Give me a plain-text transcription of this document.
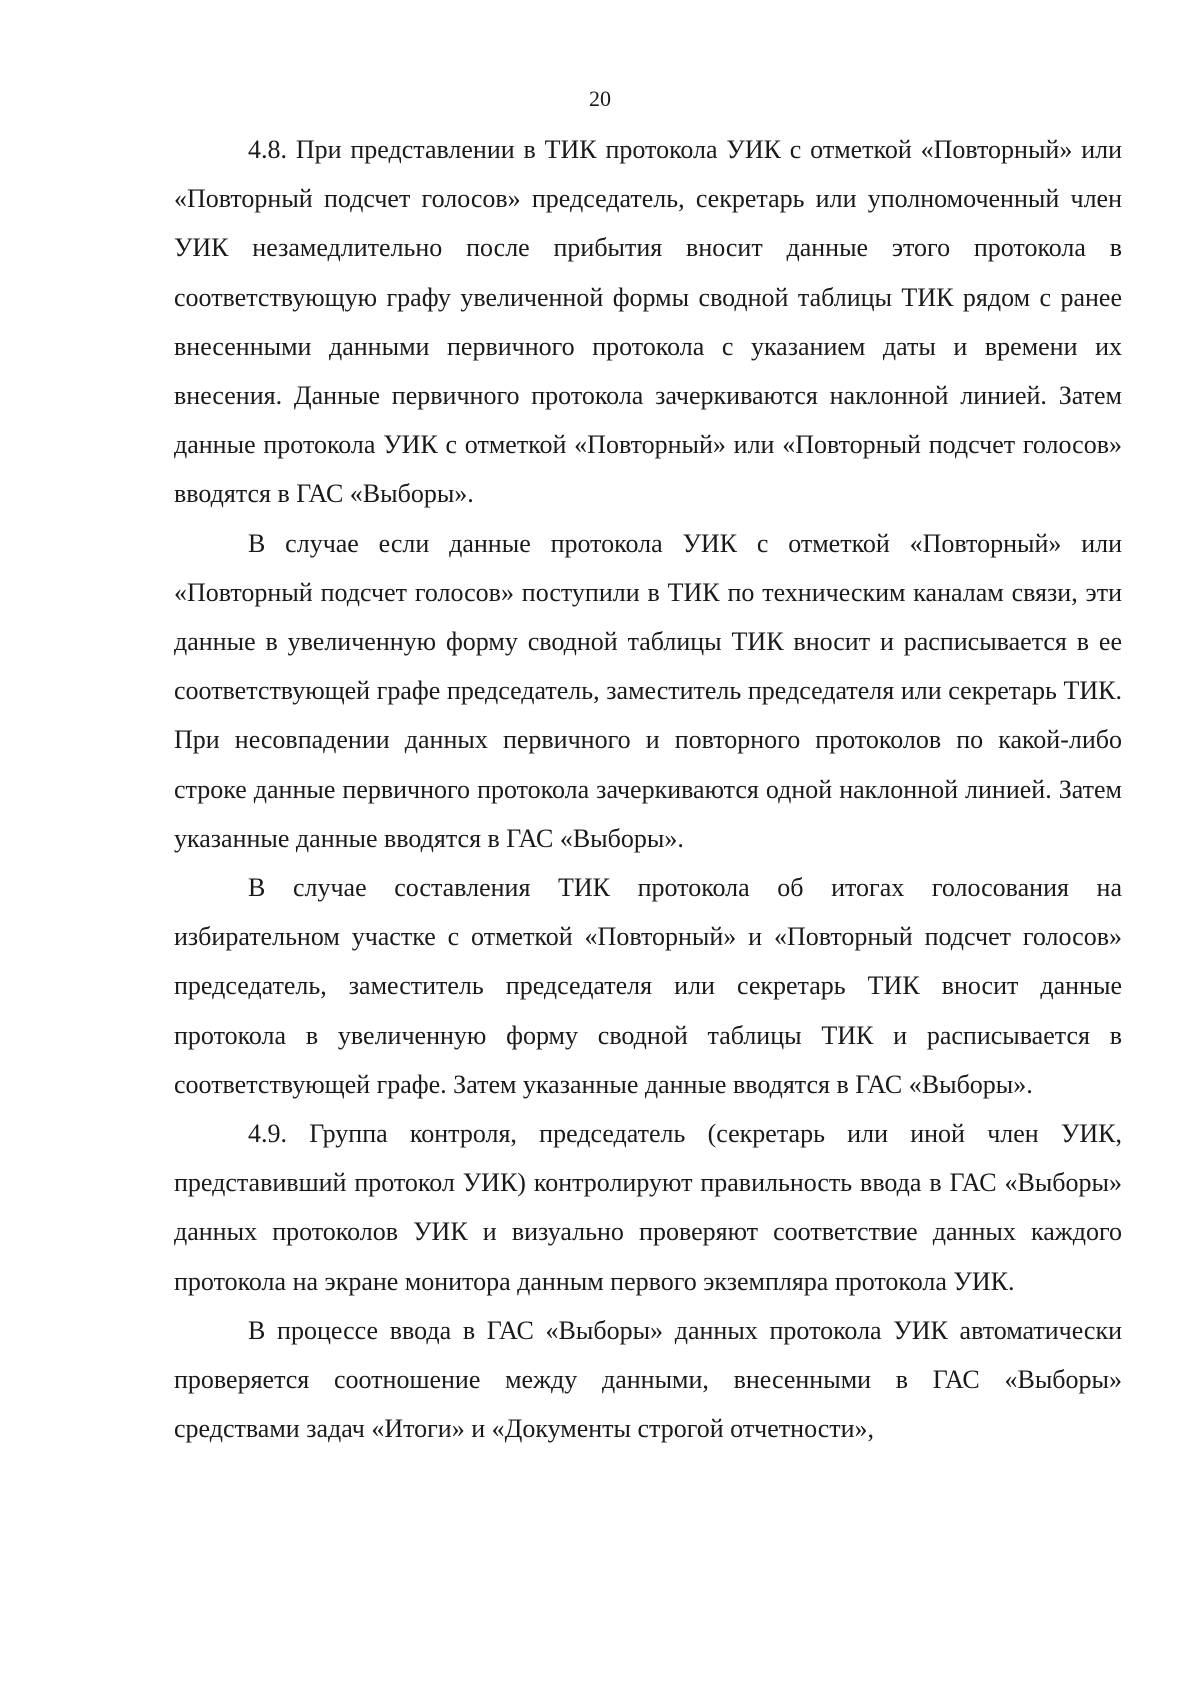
20

4.8. При представлении в ТИК протокола УИК с отметкой «Повторный» или «Повторный подсчет голосов» председатель, секретарь или уполномоченный член УИК незамедлительно после прибытия вносит данные этого протокола в соответствующую графу увеличенной формы сводной таблицы ТИК рядом с ранее внесенными данными первичного протокола с указанием даты и времени их внесения. Данные первичного протокола зачеркиваются наклонной линией. Затем данные протокола УИК с отметкой «Повторный» или «Повторный подсчет голосов» вводятся в ГАС «Выборы».

В случае если данные протокола УИК с отметкой «Повторный» или «Повторный подсчет голосов» поступили в ТИК по техническим каналам связи, эти данные в увеличенную форму сводной таблицы ТИК вносит и расписывается в ее соответствующей графе председатель, заместитель председателя или секретарь ТИК. При несовпадении данных первичного и повторного протоколов по какой-либо строке данные первичного протокола зачеркиваются одной наклонной линией. Затем указанные данные вводятся в ГАС «Выборы».

В случае составления ТИК протокола об итогах голосования на избирательном участке с отметкой «Повторный» и «Повторный подсчет голосов» председатель, заместитель председателя или секретарь ТИК вносит данные протокола в увеличенную форму сводной таблицы ТИК и расписывается в соответствующей графе. Затем указанные данные вводятся в ГАС «Выборы».

4.9. Группа контроля, председатель (секретарь или иной член УИК, представивший протокол УИК) контролируют правильность ввода в ГАС «Выборы» данных протоколов УИК и визуально проверяют соответствие данных каждого протокола на экране монитора данным первого экземпляра протокола УИК.

В процессе ввода в ГАС «Выборы» данных протокола УИК автоматически проверяется соотношение между данными, внесенными в ГАС «Выборы» средствами задач «Итоги» и «Документы строгой отчетности»,
